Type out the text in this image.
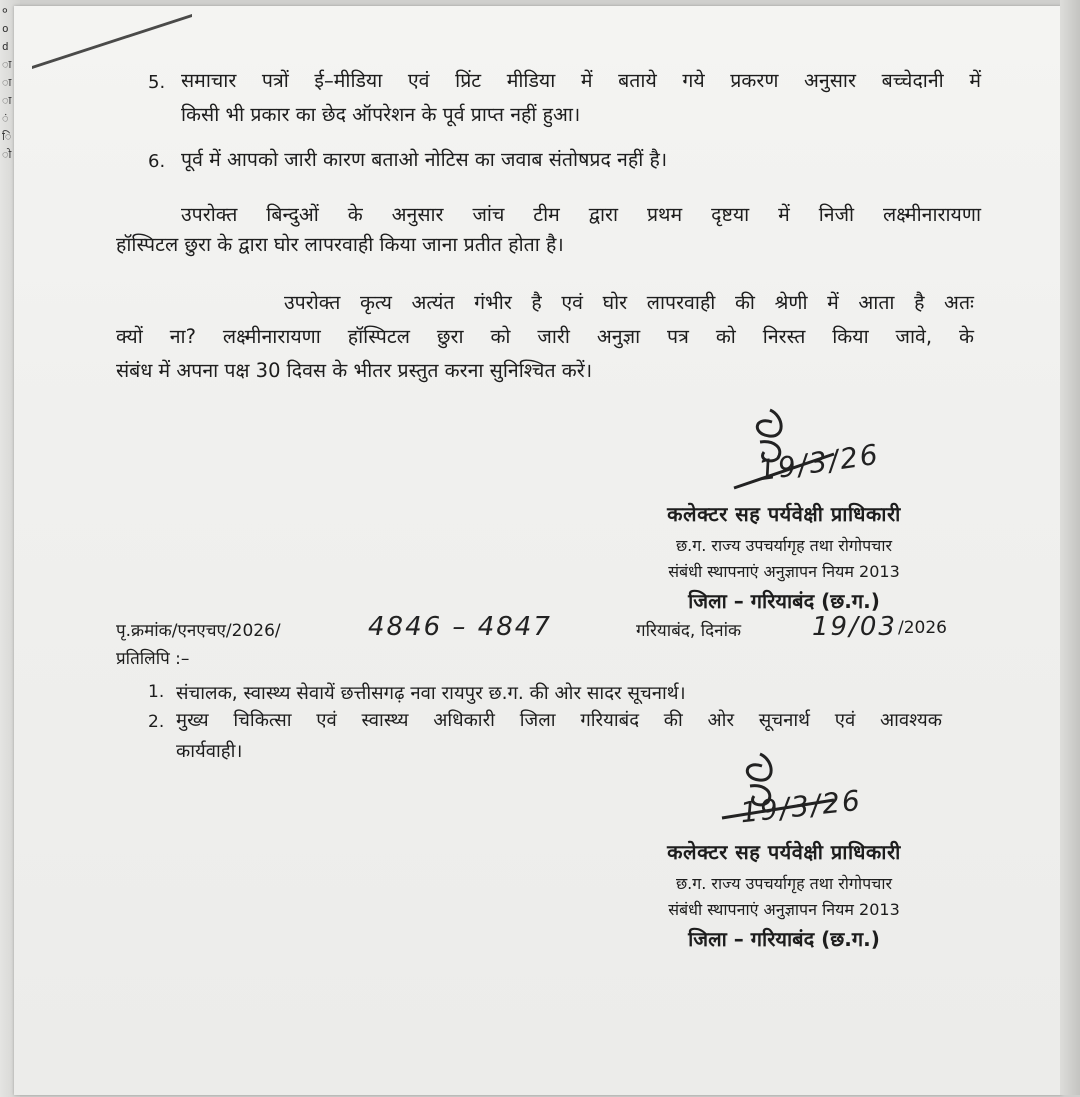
०
o
d
ा
ा
ा
ं
ि
ो
5. समाचार पत्रों ई–मीडिया एवं प्रिंट मीडिया में बताये गये प्रकरण अनुसार बच्चेदानी में
किसी भी प्रकार का छेद ऑपरेशन के पूर्व प्राप्त नहीं हुआ।
6. पूर्व में आपको जारी कारण बताओ नोटिस का जवाब संतोषप्रद नहीं है।
उपरोक्त बिन्दुओं के अनुसार जांच टीम द्वारा प्रथम दृष्टया में निजी लक्ष्मीनारायणा
हॉस्पिटल छुरा के द्वारा घोर लापरवाही किया जाना प्रतीत होता है।
उपरोक्त कृत्य अत्यंत गंभीर है एवं घोर लापरवाही की श्रेणी में आता है अतः
क्यों ना? लक्ष्मीनारायणा हॉस्पिटल छुरा को जारी अनुज्ञा पत्र को निरस्त किया जावे, के
संबंध में अपना पक्ष 30 दिवस के भीतर प्रस्तुत करना सुनिश्चित करें।
19/3/26
कलेक्टर सह पर्यवेक्षी प्राधिकारी
छ.ग. राज्य उपचर्यागृह तथा रोगोपचार
संबंधी स्थापनाएं अनुज्ञापन नियम 2013
जिला – गरियाबंद (छ.ग.)
पृ.क्रमांक/एनएचए/2026/	4846 – 4847	गरियाबंद, दिनांक	19/03 /2026
प्रतिलिपि :–
1. संचालक, स्वास्थ्य सेवायें छत्तीसगढ़ नवा रायपुर छ.ग. की ओर सादर सूचनार्थ।
2. मुख्य चिकित्सा एवं स्वास्थ्य अधिकारी जिला गरियाबंद की ओर सूचनार्थ एवं आवश्यक
कार्यवाही।
19/3/26
कलेक्टर सह पर्यवेक्षी प्राधिकारी
छ.ग. राज्य उपचर्यागृह तथा रोगोपचार
संबंधी स्थापनाएं अनुज्ञापन नियम 2013
जिला – गरियाबंद (छ.ग.)
